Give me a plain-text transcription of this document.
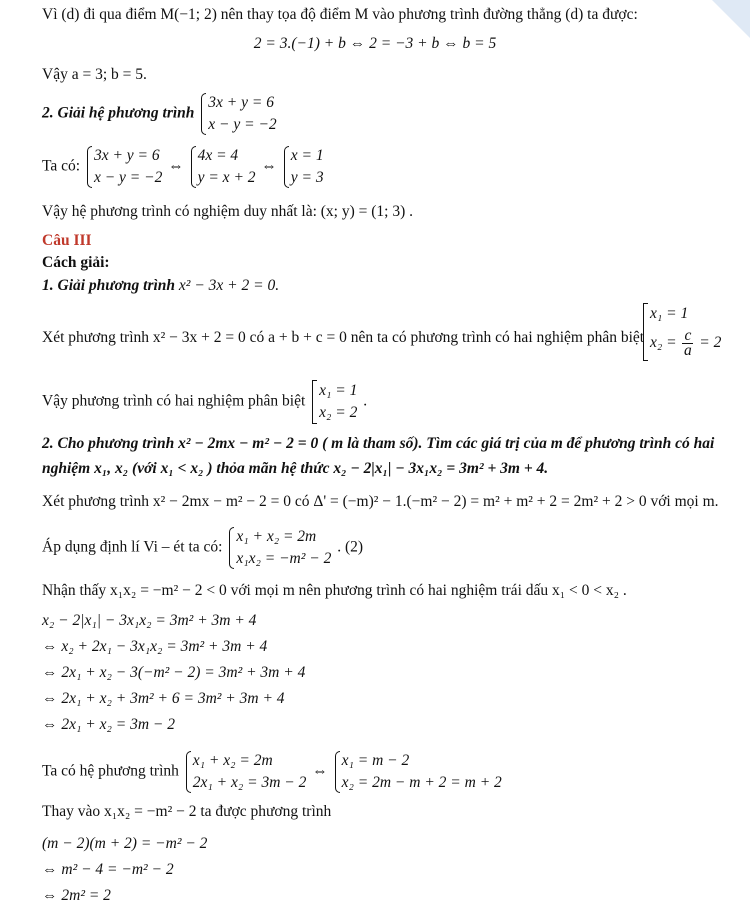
Vì (d) đi qua điểm M(−1; 2) nên thay tọa độ điểm M vào phương trình đường thẳng (d) ta được:
2 = 3.(−1) + b ⇔ 2 = −3 + b ⇔ b = 5
Vậy a = 3; b = 5.
2. Giải hệ phương trình
3x + y = 6
x − y = −2
Ta có:
3x + y = 6
x − y = −2
⇔
4x = 4
y = x + 2
⇔
x = 1
y = 3
Vậy hệ phương trình có nghiệm duy nhất là: (x; y) = (1; 3) .
Câu III
Cách giải:
1. Giải phương trình x² − 3x + 2 = 0.
Xét phương trình x² − 3x + 2 = 0 có a + b + c = 0 nên ta có phương trình có hai nghiệm phân biệt
x₁ = 1
$x_2 = \frac{c}{a} = 2$
Vậy phương trình có hai nghiệm phân biệt
x₁ = 1
x₂ = 2
.
2. Cho phương trình x² − 2mx − m² − 2 = 0 ( m là tham số). Tìm các giá trị của m để phương trình có hai
nghiệm x₁, x₂ (với x₁ < x₂ ) thỏa mãn hệ thức x₂ − 2|x₁| − 3x₁x₂ = 3m² + 3m + 4.
Xét phương trình x² − 2mx − m² − 2 = 0 có Δ' = (−m)² − 1.(−m² − 2) = m² + m² + 2 = 2m² + 2 > 0 với mọi m.
Áp dụng định lí Vi – ét ta có:
x₁ + x₂ = 2m
x₁x₂ = −m² − 2
. (2)
Nhận thấy x₁x₂ = −m² − 2 < 0 với mọi m nên phương trình có hai nghiệm trái dấu x₁ < 0 < x₂ .
x₂ − 2|x₁| − 3x₁x₂ = 3m² + 3m + 4
⇔ x₂ + 2x₁ − 3x₁x₂ = 3m² + 3m + 4
⇔ 2x₁ + x₂ − 3(−m² − 2) = 3m² + 3m + 4
⇔ 2x₁ + x₂ + 3m² + 6 = 3m² + 3m + 4
⇔ 2x₁ + x₂ = 3m − 2
Ta có hệ phương trình
x₁ + x₂ = 2m
2x₁ + x₂ = 3m − 2
⇔
x₁ = m − 2
x₂ = 2m − m + 2 = m + 2
Thay vào x₁x₂ = −m² − 2 ta được phương trình
(m − 2)(m + 2) = −m² − 2
⇔ m² − 4 = −m² − 2
⇔ 2m² = 2
